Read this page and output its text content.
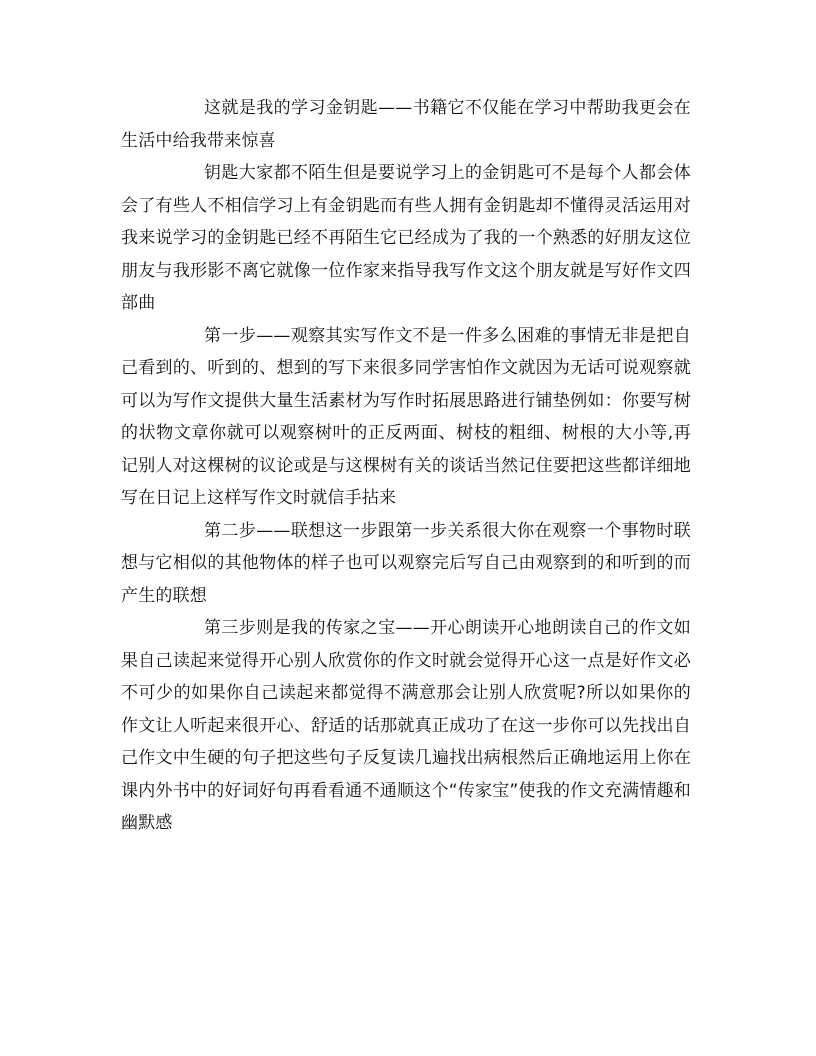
这就是我的学习金钥匙——书籍它不仅能在学习中帮助我更会在生活中给我带来惊喜

钥匙大家都不陌生但是要说学习上的金钥匙可不是每个人都会体会了有些人不相信学习上有金钥匙而有些人拥有金钥匙却不懂得灵活运用对我来说学习的金钥匙已经不再陌生它已经成为了我的一个熟悉的好朋友这位朋友与我形影不离它就像一位作家来指导我写作文这个朋友就是写好作文四部曲

第一步——观察其实写作文不是一件多么困难的事情无非是把自己看到的、听到的、想到的写下来很多同学害怕作文就因为无话可说观察就可以为写作文提供大量生活素材为写作时拓展思路进行铺垫例如：你要写树的状物文章你就可以观察树叶的正反两面、树枝的粗细、树根的大小等,再记别人对这棵树的议论或是与这棵树有关的谈话当然记住要把这些都详细地写在日记上这样写作文时就信手拈来

第二步——联想这一步跟第一步关系很大你在观察一个事物时联想与它相似的其他物体的样子也可以观察完后写自己由观察到的和听到的而产生的联想

第三步则是我的传家之宝——开心朗读开心地朗读自己的作文如果自己读起来觉得开心别人欣赏你的作文时就会觉得开心这一点是好作文必不可少的如果你自己读起来都觉得不满意那会让别人欣赏呢?所以如果你的作文让人听起来很开心、舒适的话那就真正成功了在这一步你可以先找出自己作文中生硬的句子把这些句子反复读几遍找出病根然后正确地运用上你在课内外书中的好词好句再看看通不通顺这个“传家宝”使我的作文充满情趣和幽默感
